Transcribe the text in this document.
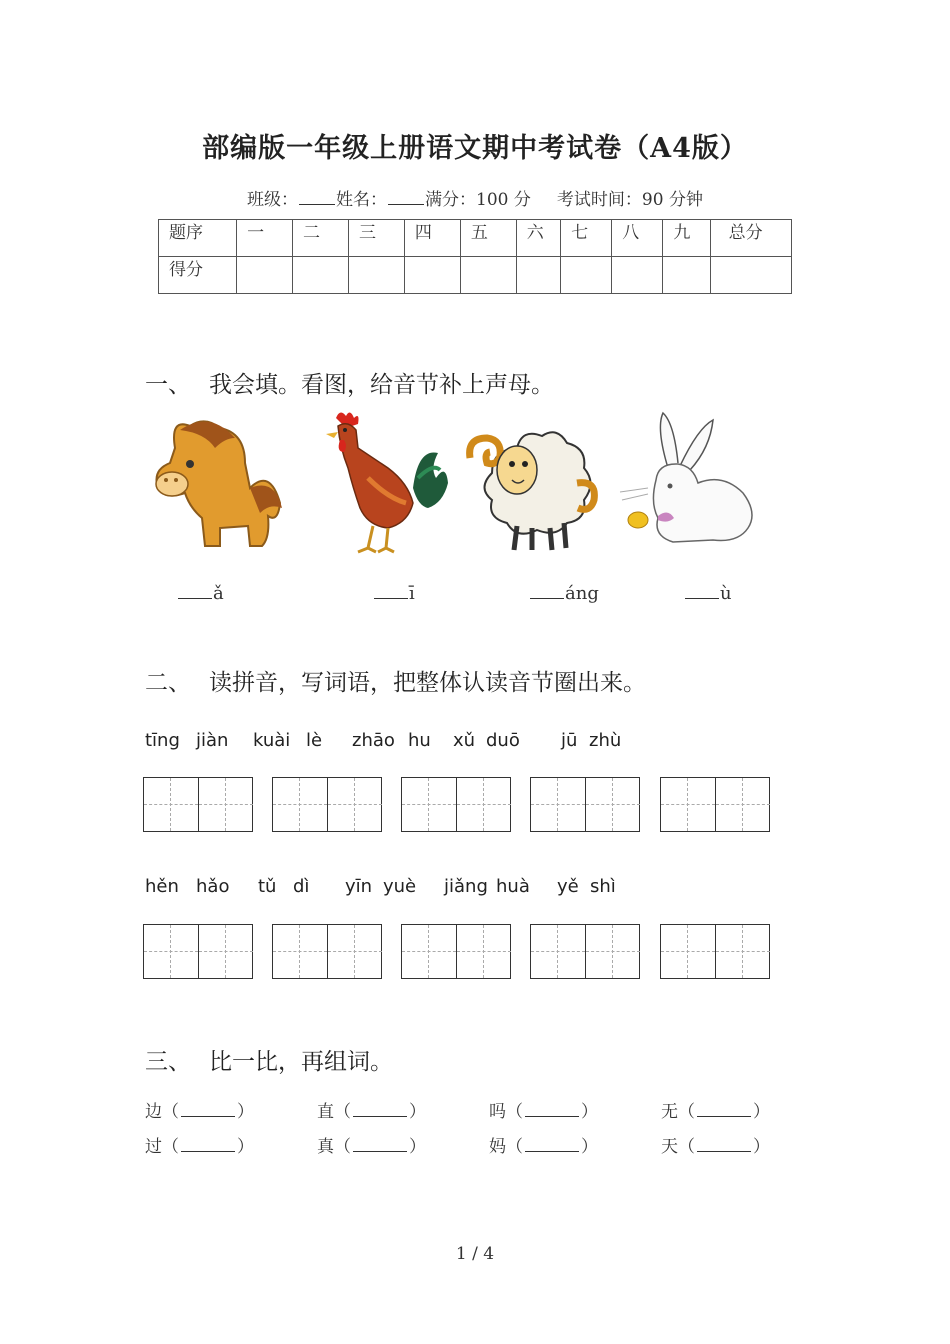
部编版一年级上册语文期中考试卷（A4版）
班级： 姓名： 满分：100 分 考试时间：90 分钟
题序	一	二	三	四	五	六	七	八	九	总分
得分										
一、 我会填。看图，给音节补上声母。
ǎ	ī	áng	ù
二、 读拼音，写词语，把整体认读音节圈出来。
tīng jiàn kuài lè zhāo hu xǔ duō jū zhù
hěn hǎo tǔ dì yīn yuè jiǎng huà yě shì
三、 比一比，再组词。
边（	）	直（	）	吗（	）	无（	）
过（	）	真（	）	妈（	）	天（	）
1 / 4
